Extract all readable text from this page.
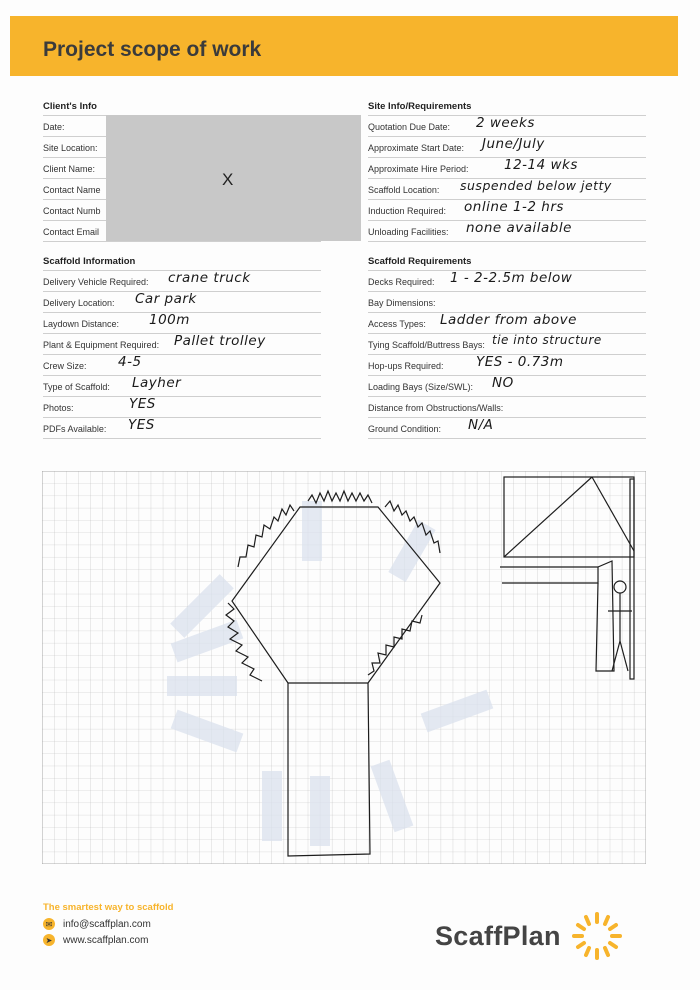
Project scope of work
Client's Info
Date:
Site Location:
Client Name:
Contact Name
Contact Numb
Contact Email
Site Info/Requirements
Quotation Due Date: 2 weeks
Approximate Start Date: June/July
Approximate Hire Period:	12-14 wks
Scaffold Location: suspended below jetty
Induction Required: online 1-2 hrs
Unloading Facilities: none available
X
Scaffold Information
Delivery Vehicle Required: crane truck
Delivery Location: Car park
Laydown Distance: 100m
Plant & Equipment Required: Pallet trolley
Crew Size: 4-5
Type of Scaffold: Layher
Photos:	YES
PDFs Available: YES
Scaffold Requirements
Decks Required: 1 - 2-2.5m below
Bay Dimensions:
Access Types: Ladder from above
Tying Scaffold/Buttress Bays: tie into structure
Hop-ups Required: YES - 0.73m
Loading Bays (Size/SWL): NO
Distance from Obstructions/Walls:
Ground Condition: N/A
The smartest way to scaffold
✉ info@scaffplan.com
➤ www.scaffplan.com	ScaffPlan
